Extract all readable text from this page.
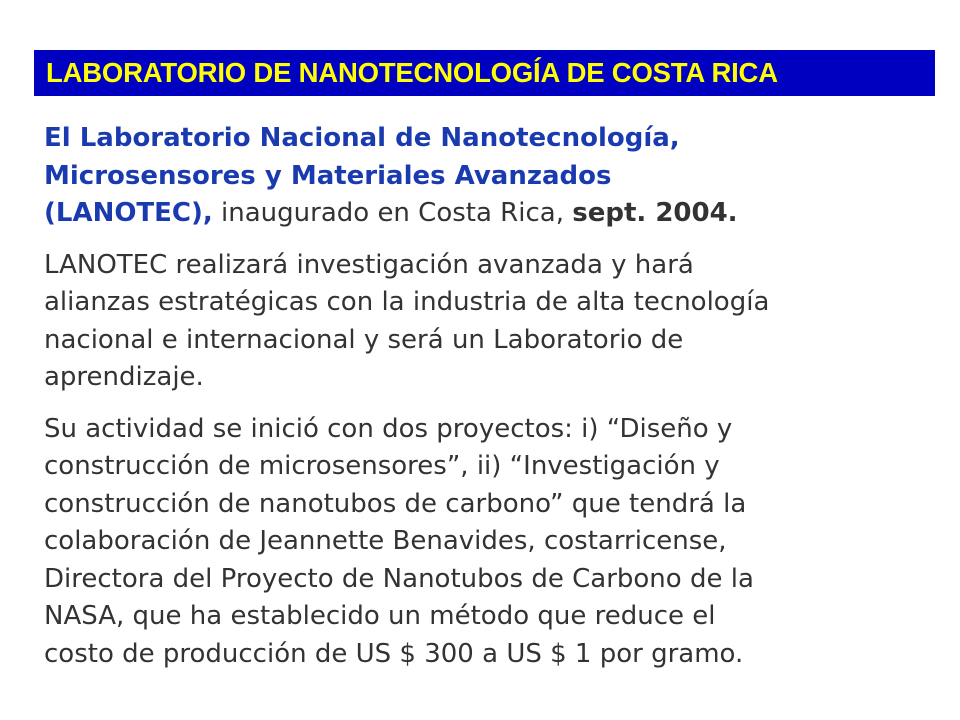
LABORATORIO DE NANOTECNOLOGÍA DE COSTA RICA

El Laboratorio Nacional de Nanotecnología,
Microsensores y Materiales Avanzados
(LANOTEC), inaugurado en Costa Rica, sept. 2004.

LANOTEC realizará investigación avanzada y hará
alianzas estratégicas con la industria de alta tecnología
nacional e internacional y será un Laboratorio de
aprendizaje.

Su actividad se inició con dos proyectos: i) “Diseño y
construcción de microsensores”, ii) “Investigación y
construcción de nanotubos de carbono” que tendrá la
colaboración de Jeannette Benavides, costarricense,
Directora del Proyecto de Nanotubos de Carbono de la
NASA, que ha establecido un método que reduce el
costo de producción de US $ 300 a US $ 1 por gramo.
